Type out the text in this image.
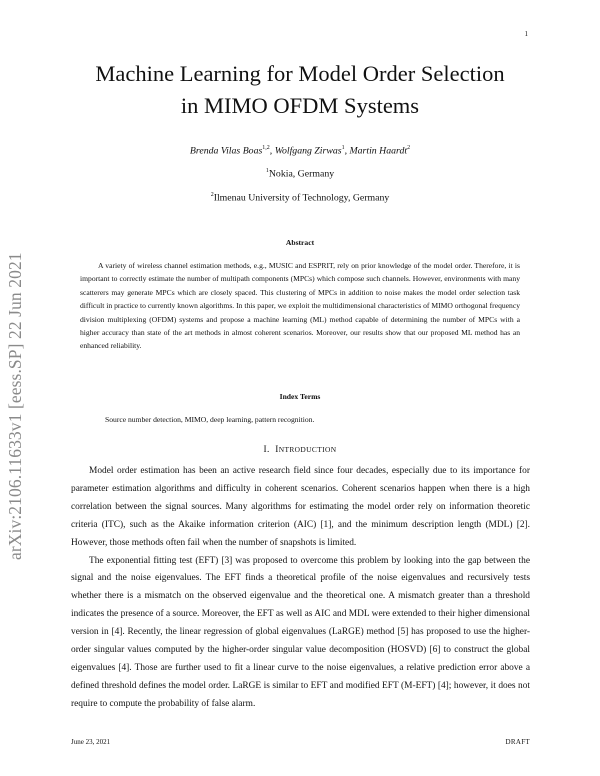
1
arXiv:2106.11633v1 [eess.SP] 22 Jun 2021
Machine Learning for Model Order Selection
in MIMO OFDM Systems
Brenda Vilas Boas$^{1,2}$, Wolfgang Zirwas$^1$, Martin Haardt$^2$
$^1$Nokia, Germany
$^2$Ilmenau University of Technology, Germany
Abstract

A variety of wireless channel estimation methods, e.g., MUSIC and ESPRIT, rely on prior knowledge of the model order. Therefore, it is important to correctly estimate the number of multipath components (MPCs) which compose such channels. However, environments with many scatterers may generate MPCs which are closely spaced. This clustering of MPCs in addition to noise makes the model order selection task difficult in practice to currently known algorithms. In this paper, we exploit the multidimensional characteristics of MIMO orthogonal frequency division multiplexing (OFDM) systems and propose a machine learning (ML) method capable of determining the number of MPCs with a higher accuracy than state of the art methods in almost coherent scenarios. Moreover, our results show that our proposed ML method has an enhanced reliability.

Index Terms

Source number detection, MIMO, deep learning, pattern recognition.

I. INTRODUCTION

Model order estimation has been an active research field since four decades, especially due to its importance for parameter estimation algorithms and difficulty in coherent scenarios. Coherent scenarios happen when there is a high correlation between the signal sources. Many algorithms for estimating the model order rely on information theoretic criteria (ITC), such as the Akaike information criterion (AIC) [1], and the minimum description length (MDL) [2]. However, those methods often fail when the number of snapshots is limited.

The exponential fitting test (EFT) [3] was proposed to overcome this problem by looking into the gap between the signal and the noise eigenvalues. The EFT finds a theoretical profile of the noise eigenvalues and recursively tests whether there is a mismatch on the observed eigenvalue and the theoretical one. A mismatch greater than a threshold indicates the presence of a source. Moreover, the EFT as well as AIC and MDL were extended to their higher dimensional version in [4]. Recently, the linear regression of global eigenvalues (LaRGE) method [5] has proposed to use the higher-order singular values computed by the higher-order singular value decomposition (HOSVD) [6] to construct the global eigenvalues [4]. Those are further used to fit a linear curve to the noise eigenvalues, a relative prediction error above a defined threshold defines the model order. LaRGE is similar to EFT and modified EFT (M-EFT) [4]; however, it does not require to compute the probability of false alarm.

June 23, 2021	DRAFT
